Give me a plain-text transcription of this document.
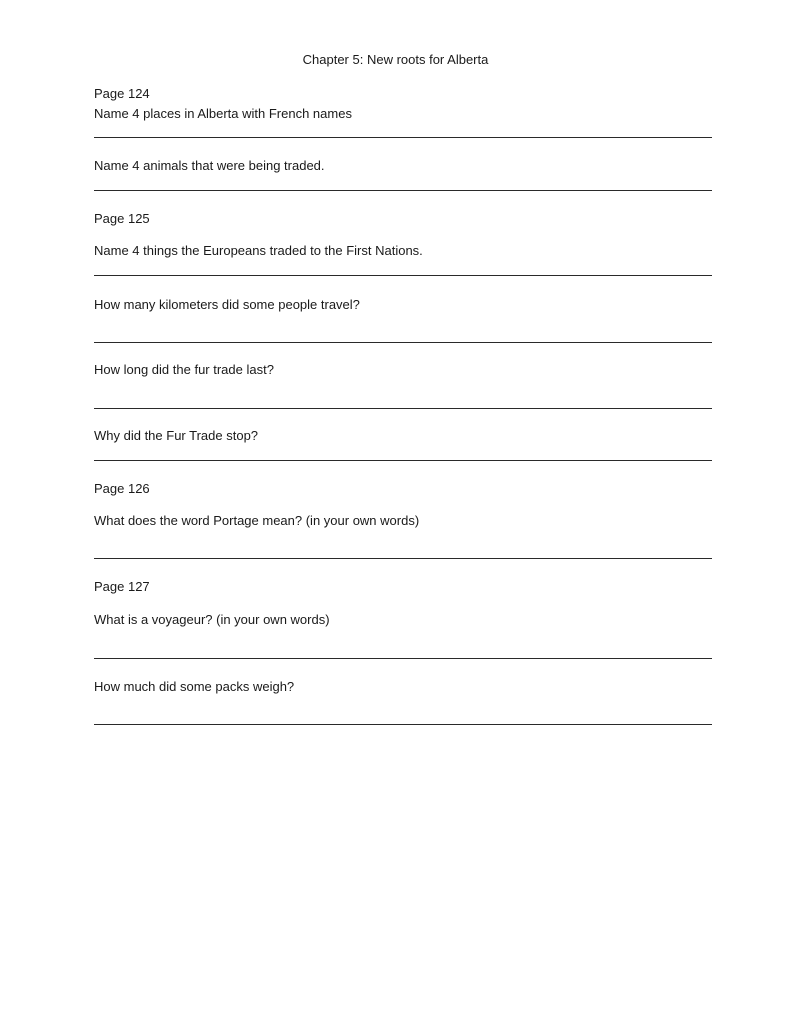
Chapter 5: New roots for Alberta
Page 124
Name 4 places in Alberta with French names
Name 4 animals that were being traded.
Page 125
Name 4 things the Europeans traded to the First Nations.
How many kilometers did some people travel?
How long did the fur trade last?
Why did the Fur Trade stop?
Page 126
What does the word Portage mean? (in your own words)
Page 127
What is a voyageur? (in your own words)
How much did some packs weigh?
